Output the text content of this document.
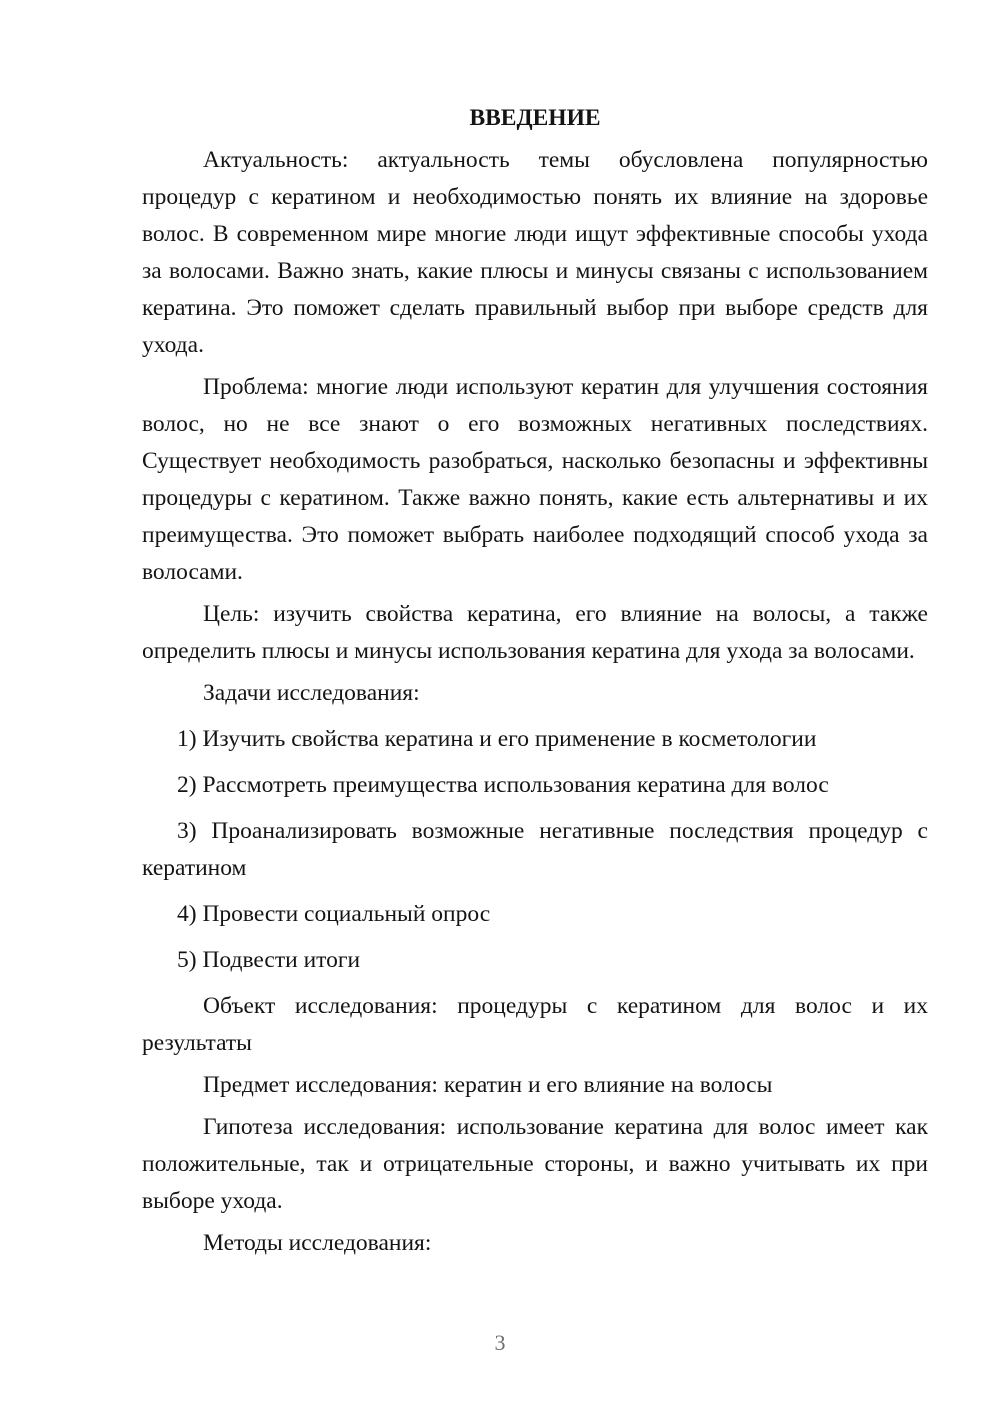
ВВЕДЕНИЕ

Актуальность: актуальность темы обусловлена популярностью процедур с кератином и необходимостью понять их влияние на здоровье волос. В современном мире многие люди ищут эффективные способы ухода за волосами. Важно знать, какие плюсы и минусы связаны с использованием кератина. Это поможет сделать правильный выбор при выборе средств для ухода.

Проблема: многие люди используют кератин для улучшения состояния волос, но не все знают о его возможных негативных последствиях. Существует необходимость разобраться, насколько безопасны и эффективны процедуры с кератином. Также важно понять, какие есть альтернативы и их преимущества. Это поможет выбрать наиболее подходящий способ ухода за волосами.

Цель: изучить свойства кератина, его влияние на волосы, а также определить плюсы и минусы использования кератина для ухода за волосами.

Задачи исследования:

1) Изучить свойства кератина и его применение в косметологии

2) Рассмотреть преимущества использования кератина для волос

3) Проанализировать возможные негативные последствия процедур с кератином

4) Провести социальный опрос

5) Подвести итоги

Объект исследования: процедуры с кератином для волос и их результаты

Предмет исследования: кератин и его влияние на волосы

Гипотеза исследования: использование кератина для волос имеет как положительные, так и отрицательные стороны, и важно учитывать их при выборе ухода.

Методы исследования:

3
